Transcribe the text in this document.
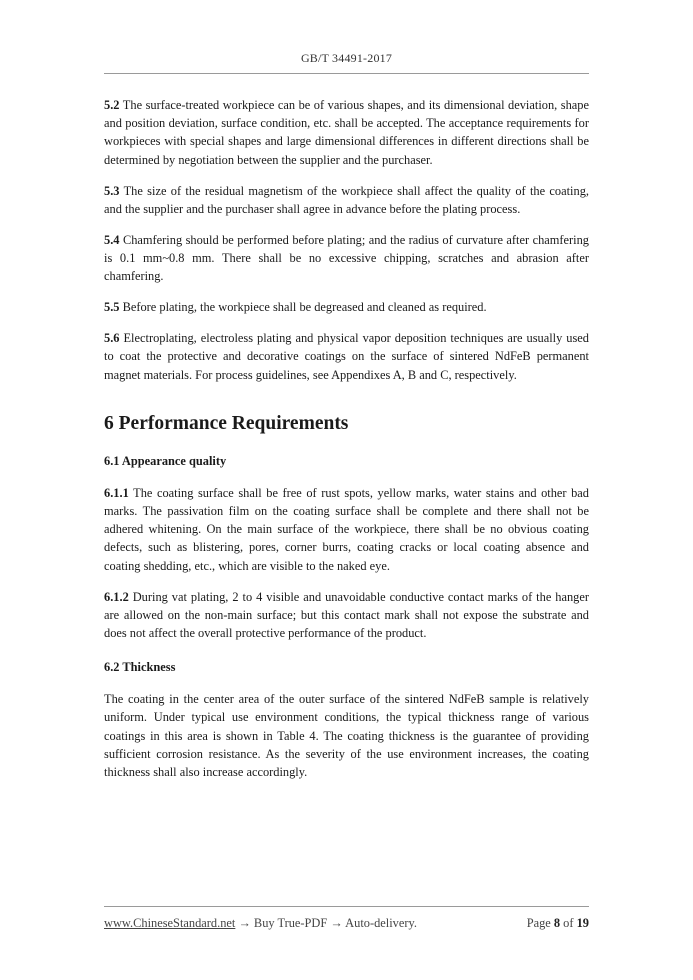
GB/T 34491-2017

5.2 The surface-treated workpiece can be of various shapes, and its dimensional deviation, shape and position deviation, surface condition, etc. shall be accepted. The acceptance requirements for workpieces with special shapes and large dimensional differences in different directions shall be determined by negotiation between the supplier and the purchaser.

5.3 The size of the residual magnetism of the workpiece shall affect the quality of the coating, and the supplier and the purchaser shall agree in advance before the plating process.

5.4 Chamfering should be performed before plating; and the radius of curvature after chamfering is 0.1 mm~0.8 mm. There shall be no excessive chipping, scratches and abrasion after chamfering.

5.5 Before plating, the workpiece shall be degreased and cleaned as required.

5.6 Electroplating, electroless plating and physical vapor deposition techniques are usually used to coat the protective and decorative coatings on the surface of sintered NdFeB permanent magnet materials. For process guidelines, see Appendixes A, B and C, respectively.

6 Performance Requirements
6.1 Appearance quality

6.1.1 The coating surface shall be free of rust spots, yellow marks, water stains and other bad marks. The passivation film on the coating surface shall be complete and there shall not be adhered whitening. On the main surface of the workpiece, there shall be no obvious coating defects, such as blistering, pores, corner burrs, coating cracks or local coating absence and coating shedding, etc., which are visible to the naked eye.

6.1.2 During vat plating, 2 to 4 visible and unavoidable conductive contact marks of the hanger are allowed on the non-main surface; but this contact mark shall not expose the substrate and does not affect the overall protective performance of the product.

6.2 Thickness

The coating in the center area of the outer surface of the sintered NdFeB sample is relatively uniform. Under typical use environment conditions, the typical thickness range of various coatings in this area is shown in Table 4. The coating thickness is the guarantee of providing sufficient corrosion resistance. As the severity of the use environment increases, the coating thickness shall also increase accordingly.

www.ChineseStandard.net → Buy True-PDF → Auto-delivery.	Page 8 of 19
